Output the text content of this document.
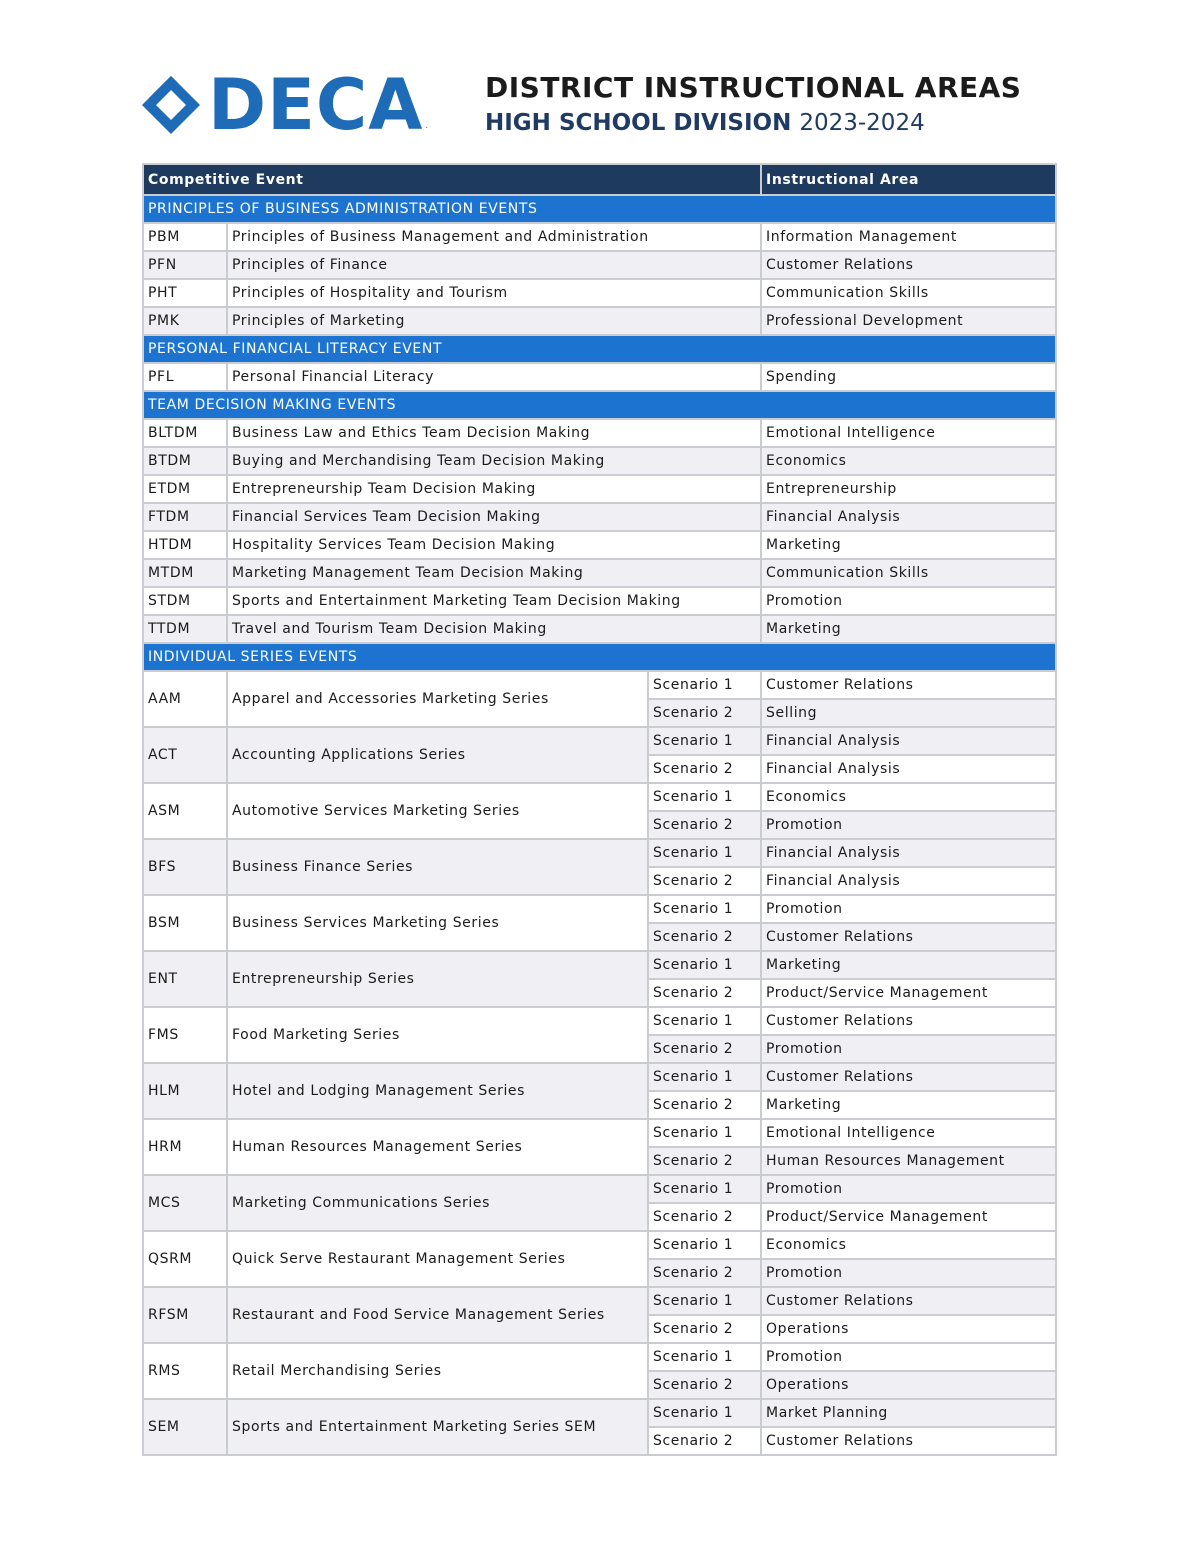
DECA .
DISTRICT INSTRUCTIONAL AREAS
HIGH SCHOOL DIVISION 2023-2024
Competitive Event			Instructional Area
PRINCIPLES OF BUSINESS ADMINISTRATION EVENTS			
PBM	Principles of Business Management and Administration		Information Management
PFN	Principles of Finance		Customer Relations
PHT	Principles of Hospitality and Tourism		Communication Skills
PMK	Principles of Marketing		Professional Development
PERSONAL FINANCIAL LITERACY EVENT			
PFL	Personal Financial Literacy		Spending
TEAM DECISION MAKING EVENTS			
BLTDM	Business Law and Ethics Team Decision Making		Emotional Intelligence
BTDM	Buying and Merchandising Team Decision Making		Economics
ETDM	Entrepreneurship Team Decision Making		Entrepreneurship
FTDM	Financial Services Team Decision Making		Financial Analysis
HTDM	Hospitality Services Team Decision Making		Marketing
MTDM	Marketing Management Team Decision Making		Communication Skills
STDM	Sports and Entertainment Marketing Team Decision Making		Promotion
TTDM	Travel and Tourism Team Decision Making		Marketing
INDIVIDUAL SERIES EVENTS			
AAM	Apparel and Accessories Marketing Series	Scenario 1	Customer Relations
		Scenario 2	Selling
ACT	Accounting Applications Series	Scenario 1	Financial Analysis
		Scenario 2	Financial Analysis
ASM	Automotive Services Marketing Series	Scenario 1	Economics
		Scenario 2	Promotion
BFS	Business Finance Series	Scenario 1	Financial Analysis
		Scenario 2	Financial Analysis
BSM	Business Services Marketing Series	Scenario 1	Promotion
		Scenario 2	Customer Relations
ENT	Entrepreneurship Series	Scenario 1	Marketing
		Scenario 2	Product/Service Management
FMS	Food Marketing Series	Scenario 1	Customer Relations
		Scenario 2	Promotion
HLM	Hotel and Lodging Management Series	Scenario 1	Customer Relations
		Scenario 2	Marketing
HRM	Human Resources Management Series	Scenario 1	Emotional Intelligence
		Scenario 2	Human Resources Management
MCS	Marketing Communications Series	Scenario 1	Promotion
		Scenario 2	Product/Service Management
QSRM	Quick Serve Restaurant Management Series	Scenario 1	Economics
		Scenario 2	Promotion
RFSM	Restaurant and Food Service Management Series	Scenario 1	Customer Relations
		Scenario 2	Operations
RMS	Retail Merchandising Series	Scenario 1	Promotion
		Scenario 2	Operations
SEM	Sports and Entertainment Marketing Series SEM	Scenario 1	Market Planning
		Scenario 2	Customer Relations
